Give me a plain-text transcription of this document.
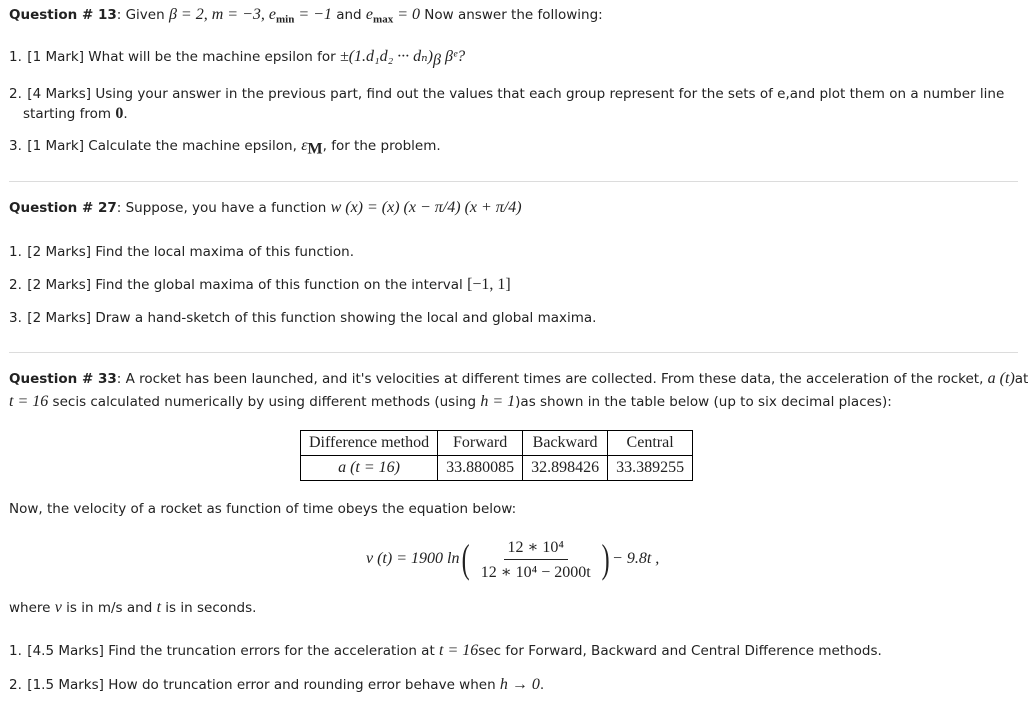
Question # 13: Given β = 2, m = −3, $e_{min} = -1$ and $e_{max} = 0$ Now answer the following:
1. [1 Mark] What will be the machine epsilon for ±(1.d₁d₂ ··· $d_n)_\beta$ βᵉ?
2. [4 Marks] Using your answer in the previous part, find out the values that each group represent for the sets of e,and plot them on a number line
starting from 0.
3. [1 Mark] Calculate the machine epsilon, $\varepsilon_M$, for the problem.
Question # 27: Suppose, you have a function w (x) = (x) (x − π/4) (x + π/4)
1. [2 Marks] Find the local maxima of this function.
2. [2 Marks] Find the global maxima of this function on the interval [−1, 1]
3. [2 Marks] Draw a hand-sketch of this function showing the local and global maxima.
Question # 33: A rocket has been launched, and it's velocities at different times are collected. From these data, the acceleration of the rocket, a (t)at
t = 16 secis calculated numerically by using different methods (using h = 1)as shown in the table below (up to six decimal places):
Difference method	Forward	Backward	Central
a (t = 16)	33.880085	32.898426	33.389255
Now, the velocity of a rocket as function of time obeys the equation below:
v (t) = 1900 ln ( $\frac{\text{12 ∗ 10⁴}}{\text{12 ∗ 10⁴ − 2000t}}$ ) − 9.8t ,
where v is in m/s and t is in seconds.
1. [4.5 Marks] Find the truncation errors for the acceleration at t = 16sec for Forward, Backward and Central Difference methods.
2. [1.5 Marks] How do truncation error and rounding error behave when h → 0.
